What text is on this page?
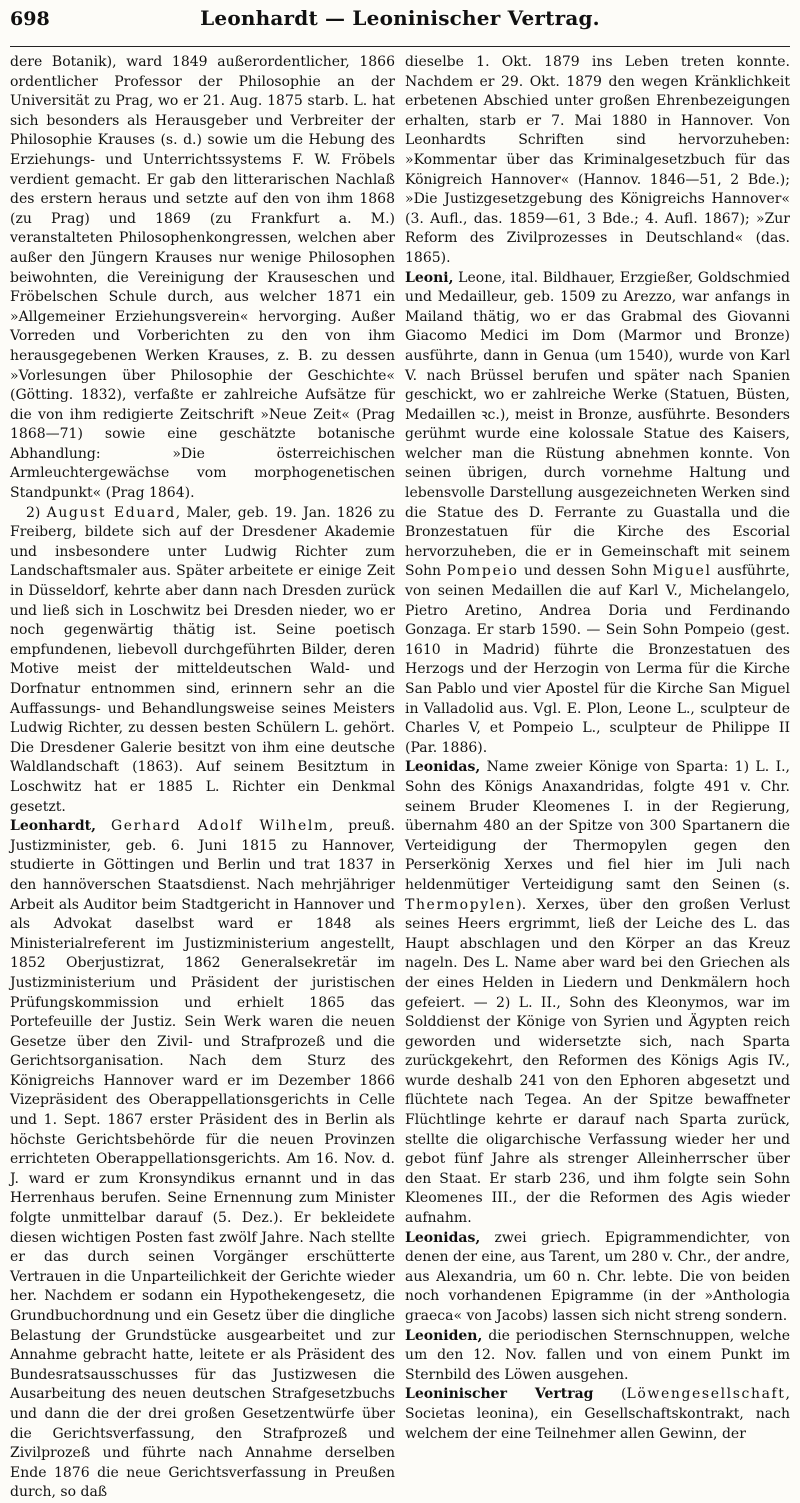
698	Leonhardt — Leoninischer Vertrag.

dere Botanik), ward 1849 außerordentlicher, 1866 ordentlicher Professor der Philosophie an der Universität zu Prag, wo er 21. Aug. 1875 starb. L. hat sich besonders als Herausgeber und Verbreiter der Philosophie Krauses (s. d.) sowie um die Hebung des Erziehungs- und Unterrichtssystems F. W. Fröbels verdient gemacht. Er gab den litterarischen Nachlaß des erstern heraus und setzte auf den von ihm 1868 (zu Prag) und 1869 (zu Frankfurt a. M.) veranstalteten Philosophenkongressen, welchen aber außer den Jüngern Krauses nur wenige Philosophen beiwohnten, die Vereinigung der Krauseschen und Fröbelschen Schule durch, aus welcher 1871 ein »Allgemeiner Erziehungsverein« hervorging. Außer Vorreden und Vorberichten zu den von ihm herausgegebenen Werken Krauses, z. B. zu dessen »Vorlesungen über Philosophie der Geschichte« (Götting. 1832), verfaßte er zahlreiche Aufsätze für die von ihm redigierte Zeitschrift »Neue Zeit« (Prag 1868—71) sowie eine geschätzte botanische Abhandlung: »Die österreichischen Armleuchtergewächse vom morphogenetischen Standpunkt« (Prag 1864).

2) August Eduard, Maler, geb. 19. Jan. 1826 zu Freiberg, bildete sich auf der Dresdener Akademie und insbesondere unter Ludwig Richter zum Landschaftsmaler aus. Später arbeitete er einige Zeit in Düsseldorf, kehrte aber dann nach Dresden zurück und ließ sich in Loschwitz bei Dresden nieder, wo er noch gegenwärtig thätig ist. Seine poetisch empfundenen, liebevoll durchgeführten Bilder, deren Motive meist der mitteldeutschen Wald- und Dorfnatur entnommen sind, erinnern sehr an die Auffassungs- und Behandlungsweise seines Meisters Ludwig Richter, zu dessen besten Schülern L. gehört. Die Dresdener Galerie besitzt von ihm eine deutsche Waldlandschaft (1863). Auf seinem Besitztum in Loschwitz hat er 1885 L. Richter ein Denkmal gesetzt.

Leonhardt, Gerhard Adolf Wilhelm, preuß. Justizminister, geb. 6. Juni 1815 zu Hannover, studierte in Göttingen und Berlin und trat 1837 in den hannöverschen Staatsdienst. Nach mehrjähriger Arbeit als Auditor beim Stadtgericht in Hannover und als Advokat daselbst ward er 1848 als Ministerialreferent im Justizministerium angestellt, 1852 Oberjustizrat, 1862 Generalsekretär im Justizministerium und Präsident der juristischen Prüfungskommission und erhielt 1865 das Portefeuille der Justiz. Sein Werk waren die neuen Gesetze über den Zivil- und Strafprozeß und die Gerichtsorganisation. Nach dem Sturz des Königreichs Hannover ward er im Dezember 1866 Vizepräsident des Oberappellationsgerichts in Celle und 1. Sept. 1867 erster Präsident des in Berlin als höchste Gerichtsbehörde für die neuen Provinzen errichteten Oberappellationsgerichts. Am 16. Nov. d. J. ward er zum Kronsyndikus ernannt und in das Herrenhaus berufen. Seine Ernennung zum Minister folgte unmittelbar darauf (5. Dez.). Er bekleidete diesen wichtigen Posten fast zwölf Jahre. Nach stellte er das durch seinen Vorgänger erschütterte Vertrauen in die Unparteilichkeit der Gerichte wieder her. Nachdem er sodann ein Hypothekengesetz, die Grundbuchordnung und ein Gesetz über die dingliche Belastung der Grundstücke ausgearbeitet und zur Annahme gebracht hatte, leitete er als Präsident des Bundesratsausschusses für das Justizwesen die Ausarbeitung des neuen deutschen Strafgesetzbuchs und dann die der drei großen Gesetzentwürfe über die Gerichtsverfassung, den Strafprozeß und Zivilprozeß und führte nach Annahme derselben Ende 1876 die neue Gerichtsverfassung in Preußen durch, so daß

dieselbe 1. Okt. 1879 ins Leben treten konnte. Nachdem er 29. Okt. 1879 den wegen Kränklichkeit erbetenen Abschied unter großen Ehrenbezeigungen erhalten, starb er 7. Mai 1880 in Hannover. Von Leonhardts Schriften sind hervorzuheben: »Kommentar über das Kriminalgesetzbuch für das Königreich Hannover« (Hannov. 1846—51, 2 Bde.); »Die Justizgesetzgebung des Königreichs Hannover« (3. Aufl., das. 1859—61, 3 Bde.; 4. Aufl. 1867); »Zur Reform des Zivilprozesses in Deutschland« (das. 1865).

Leoni, Leone, ital. Bildhauer, Erzgießer, Goldschmied und Medailleur, geb. 1509 zu Arezzo, war anfangs in Mailand thätig, wo er das Grabmal des Giovanni Giacomo Medici im Dom (Marmor und Bronze) ausführte, dann in Genua (um 1540), wurde von Karl V. nach Brüssel berufen und später nach Spanien geschickt, wo er zahlreiche Werke (Statuen, Büsten, Medaillen ꝛc.), meist in Bronze, ausführte. Besonders gerühmt wurde eine kolossale Statue des Kaisers, welcher man die Rüstung abnehmen konnte. Von seinen übrigen, durch vornehme Haltung und lebensvolle Darstellung ausgezeichneten Werken sind die Statue des D. Ferrante zu Guastalla und die Bronzestatuen für die Kirche des Escorial hervorzuheben, die er in Gemeinschaft mit seinem Sohn Pompeio und dessen Sohn Miguel ausführte, von seinen Medaillen die auf Karl V., Michelangelo, Pietro Aretino, Andrea Doria und Ferdinando Gonzaga. Er starb 1590. — Sein Sohn Pompeio (gest. 1610 in Madrid) führte die Bronzestatuen des Herzogs und der Herzogin von Lerma für die Kirche San Pablo und vier Apostel für die Kirche San Miguel in Valladolid aus. Vgl. E. Plon, Leone L., sculpteur de Charles V, et Pompeio L., sculpteur de Philippe II (Par. 1886).

Leonidas, Name zweier Könige von Sparta: 1) L. I., Sohn des Königs Anaxandridas, folgte 491 v. Chr. seinem Bruder Kleomenes I. in der Regierung, übernahm 480 an der Spitze von 300 Spartanern die Verteidigung der Thermopylen gegen den Perserkönig Xerxes und fiel hier im Juli nach heldenmütiger Verteidigung samt den Seinen (s. Thermopylen). Xerxes, über den großen Verlust seines Heers ergrimmt, ließ der Leiche des L. das Haupt abschlagen und den Körper an das Kreuz nageln. Des L. Name aber ward bei den Griechen als der eines Helden in Liedern und Denkmälern hoch gefeiert. — 2) L. II., Sohn des Kleonymos, war im Solddienst der Könige von Syrien und Ägypten reich geworden und widersetzte sich, nach Sparta zurückgekehrt, den Reformen des Königs Agis IV., wurde deshalb 241 von den Ephoren abgesetzt und flüchtete nach Tegea. An der Spitze bewaffneter Flüchtlinge kehrte er darauf nach Sparta zurück, stellte die oligarchische Verfassung wieder her und gebot fünf Jahre als strenger Alleinherrscher über den Staat. Er starb 236, und ihm folgte sein Sohn Kleomenes III., der die Reformen des Agis wieder aufnahm.

Leonidas, zwei griech. Epigrammendichter, von denen der eine, aus Tarent, um 280 v. Chr., der andre, aus Alexandria, um 60 n. Chr. lebte. Die von beiden noch vorhandenen Epigramme (in der »Anthologia graeca« von Jacobs) lassen sich nicht streng sondern.

Leoniden, die periodischen Sternschnuppen, welche um den 12. Nov. fallen und von einem Punkt im Sternbild des Löwen ausgehen.

Leoninischer Vertrag (Löwengesellschaft, Societas leonina), ein Gesellschaftskontrakt, nach welchem der eine Teilnehmer allen Gewinn, der
